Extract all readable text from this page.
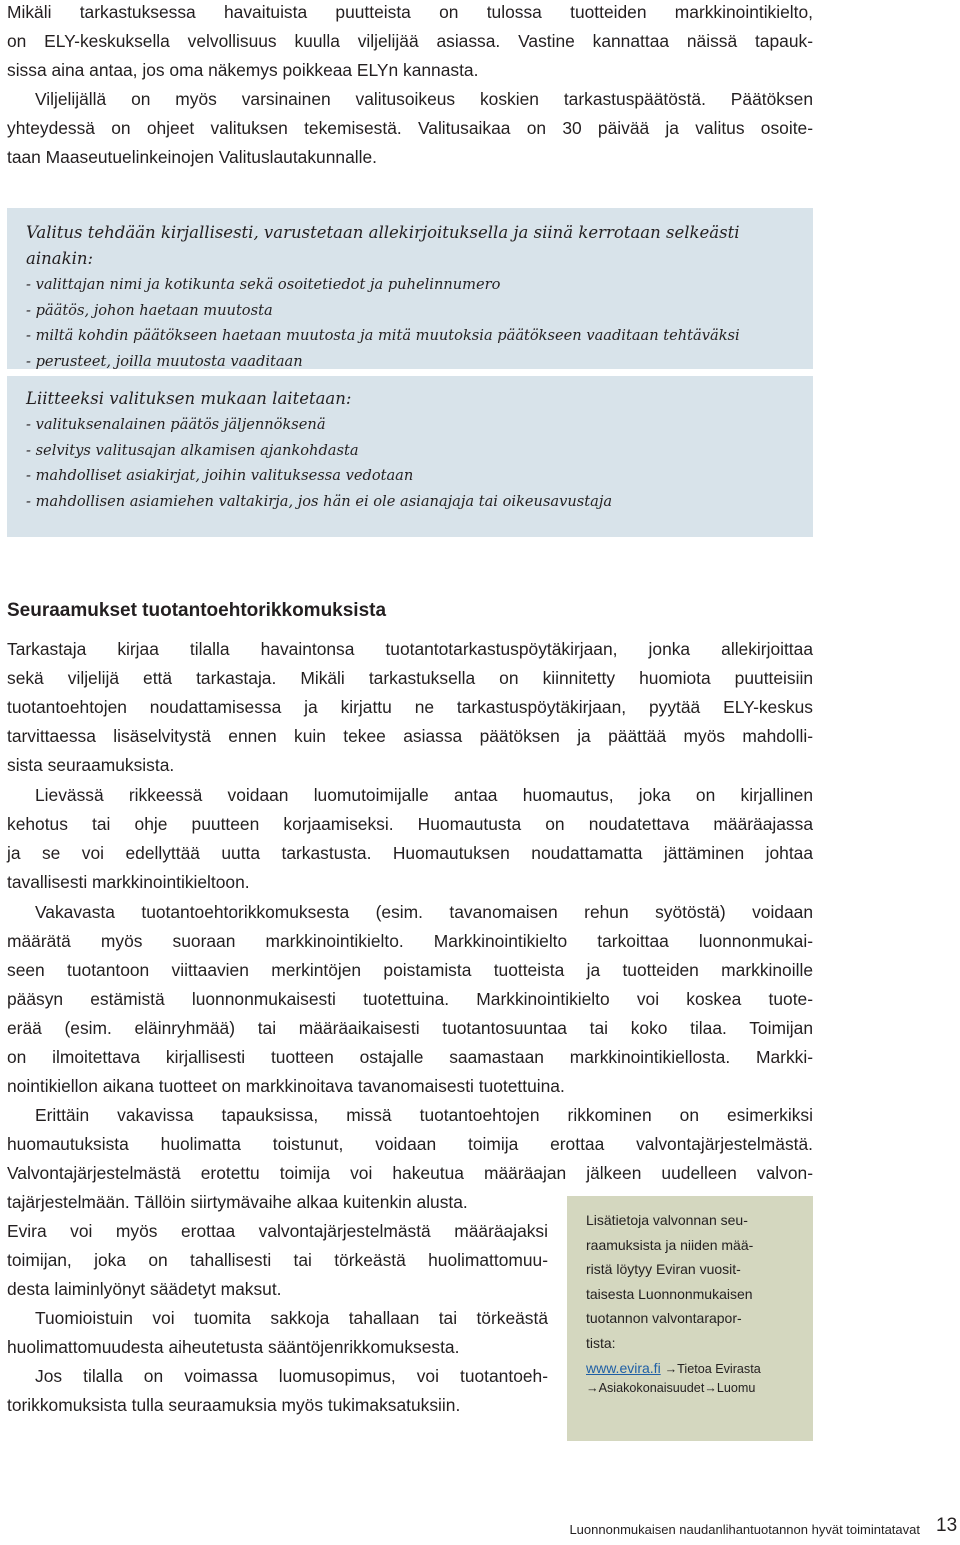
Mikäli tarkastuksessa havaituista puutteista on tulossa tuotteiden markkinointikielto,
on ELY-keskuksella velvollisuus kuulla viljelijää asiassa. Vastine kannattaa näissä tapauk-
sissa aina antaa, jos oma näkemys poikkeaa ELYn kannasta.
Viljelijällä on myös varsinainen valitusoikeus koskien tarkastuspäätöstä. Päätöksen
yhteydessä on ohjeet valituksen tekemisestä. Valitusaikaa on 30 päivää ja valitus osoite-
taan Maaseutuelinkeinojen Valituslautakunnalle.
Valitus tehdään kirjallisesti, varustetaan allekirjoituksella ja siinä kerrotaan selkeästi ainakin:
- valittajan nimi ja kotikunta sekä osoitetiedot ja puhelinnumero
- päätös, johon haetaan muutosta
- miltä kohdin päätökseen haetaan muutosta ja mitä muutoksia päätökseen vaaditaan tehtäväksi
- perusteet, joilla muutosta vaaditaan
Liitteeksi valituksen mukaan laitetaan:
- valituksenalainen päätös jäljennöksenä
- selvitys valitusajan alkamisen ajankohdasta
- mahdolliset asiakirjat, joihin valituksessa vedotaan
- mahdollisen asiamiehen valtakirja, jos hän ei ole asianajaja tai oikeusavustaja
Seuraamukset tuotantoehtorikkomuksista
Tarkastaja kirjaa tilalla havaintonsa tuotantotarkastuspöytäkirjaan, jonka allekirjoittaa
sekä viljelijä että tarkastaja. Mikäli tarkastuksella on kiinnitetty huomiota puutteisiin
tuotantoehtojen noudattamisessa ja kirjattu ne tarkastuspöytäkirjaan, pyytää ELY-keskus
tarvittaessa lisäselvitystä ennen kuin tekee asiassa päätöksen ja päättää myös mahdolli-
sista seuraamuksista.
Lievässä rikkeessä voidaan luomutoimijalle antaa huomautus, joka on kirjallinen
kehotus tai ohje puutteen korjaamiseksi. Huomautusta on noudatettava määräajassa
ja se voi edellyttää uutta tarkastusta. Huomautuksen noudattamatta jättäminen johtaa
tavallisesti markkinointikieltoon.
Vakavasta tuotantoehtorikkomuksesta (esim. tavanomaisen rehun syötöstä) voidaan
määrätä myös suoraan markkinointikielto. Markkinointikielto tarkoittaa luonnonmukai-
seen tuotantoon viittaavien merkintöjen poistamista tuotteista ja tuotteiden markkinoille
pääsyn estämistä luonnonmukaisesti tuotettuina. Markkinointikielto voi koskea tuote-
erää (esim. eläinryhmää) tai määräaikaisesti tuotantosuuntaa tai koko tilaa. Toimijan
on ilmoitettava kirjallisesti tuotteen ostajalle saamastaan markkinointikiellosta. Markki-
nointikiellon aikana tuotteet on markkinoitava tavanomaisesti tuotettuina.
Erittäin vakavissa tapauksissa, missä tuotantoehtojen rikkominen on esimerkiksi
huomautuksista huolimatta toistunut, voidaan toimija erottaa valvontajärjestelmästä.
Valvontajärjestelmästä erotettu toimija voi hakeutua määräajan jälkeen uudelleen valvon-
tajärjestelmään. Tällöin siirtymävaihe alkaa kuitenkin alusta.
Evira voi myös erottaa valvontajärjestelmästä määräajaksi
toimijan, joka on tahallisesti tai törkeästä huolimattomuu-
desta laiminlyönyt säädetyt maksut.
Tuomioistuin voi tuomita sakkoja tahallaan tai törkeästä
huolimattomuudesta aiheutetusta sääntöjenrikkomuksesta.
Jos tilalla on voimassa luomusopimus, voi tuotantoeh-
torikkomuksista tulla seuraamuksia myös tukimaksatuksiin.
Lisätietoja valvonnan seu-
raamuksista ja niiden mää-
ristä löytyy Eviran vuosit-
taisesta Luonnonmukaisen
tuotannon valvontarapor-
tista:
www.evira.fi →Tietoa Evirasta
→Asiakokonaisuudet→Luomu
Luonnonmukaisen naudanlihantuotannon hyvät toimintatavat 13
